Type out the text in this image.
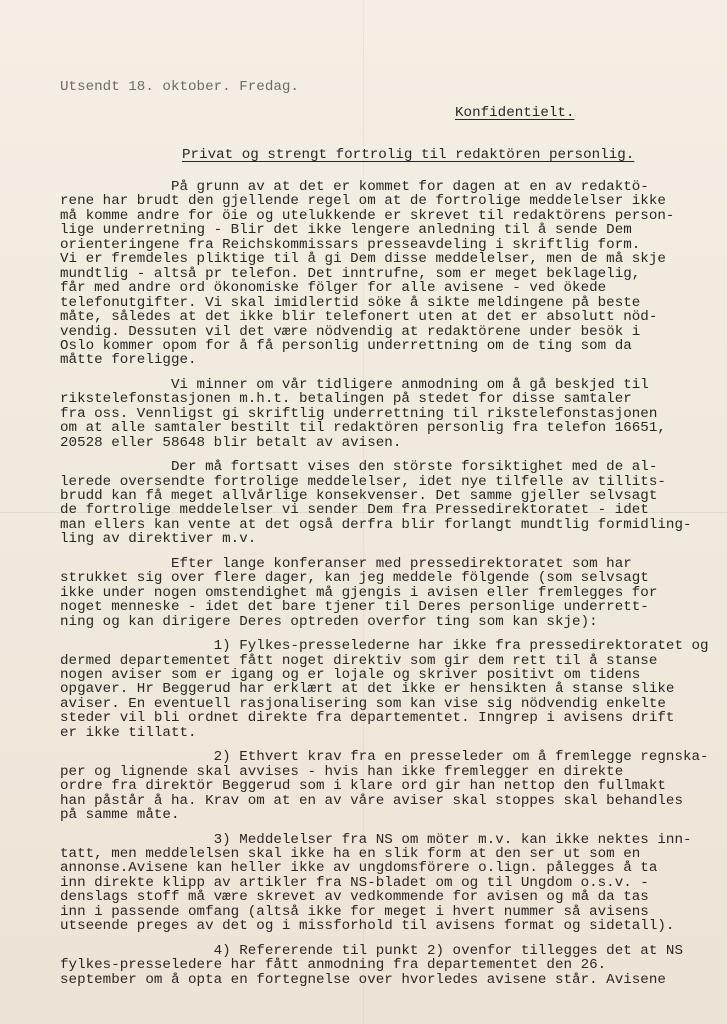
Utsendt 18. oktober. Fredag.
Konfidentielt.
Privat og strengt fortrolig til redaktören personlig.
På grunn av at det er kommet for dagen at en av redaktö-
rene har brudt den gjellende regel om at de fortrolige meddelelser ikke
må komme andre for öie og utelukkende er skrevet til redaktörens person-
lige underretning - Blir det ikke lengere anledning til å sende Dem
orienteringene fra Reichskommissars presseavdeling i skriftlig form.
Vi er fremdeles pliktige til å gi Dem disse meddelelser, men de må skje
mundtlig - altså pr telefon. Det inntrufne, som er meget beklagelig,
får med andre ord ökonomiske fölger for alle avisene - ved ökede
telefonutgifter. Vi skal imidlertid söke å sikte meldingene på beste
måte, således at det ikke blir telefonert uten at det er absolutt nöd-
vendig. Dessuten vil det være nödvendig at redaktörene under besök i
Oslo kommer opom for å få personlig underrettning om de ting som da
måtte foreligge.
Vi minner om vår tidligere anmodning om å gå beskjed til
rikstelefonstasjonen m.h.t. betalingen på stedet for disse samtaler
fra oss. Vennligst gi skriftlig underrettning til rikstelefonstasjonen
om at alle samtaler bestilt til redaktören personlig fra telefon 16651,
20528 eller 58648 blir betalt av avisen.
Der må fortsatt vises den störste forsiktighet med de al-
lerede oversendte fortrolige meddelelser, idet nye tilfelle av tillits-
brudd kan få meget allvårlige konsekvenser. Det samme gjeller selvsagt
de fortrolige meddelelser vi sender Dem fra Pressedirektoratet - idet
man ellers kan vente at det også derfra blir forlangt mundtlig formidling-
ling av direktiver m.v.
Efter lange konferanser med pressedirektoratet som har
strukket sig over flere dager, kan jeg meddele fölgende (som selvsagt
ikke under nogen omstendighet må gjengis i avisen eller fremlegges for
noget menneske - idet det bare tjener til Deres personlige underrett-
ning og kan dirigere Deres optreden overfor ting som kan skje):
1) Fylkes-presselederne har ikke fra pressedirektoratet og
dermed departementet fått noget direktiv som gir dem rett til å stanse
nogen aviser som er igang og er lojale og skriver positivt om tidens
opgaver. Hr Beggerud har erklært at det ikke er hensikten å stanse slike
aviser. En eventuell rasjonalisering som kan vise sig nödvendig enkelte
steder vil bli ordnet direkte fra departementet. Inngrep i avisens drift
er ikke tillatt.
2) Ethvert krav fra en presseleder om å fremlegge regnska-
per og lignende skal avvises - hvis han ikke fremlegger en direkte
ordre fra direktör Beggerud som i klare ord gir han nettop den fullmakt
han påstår å ha. Krav om at en av våre aviser skal stoppes skal behandles
på samme måte.
3) Meddelelser fra NS om möter m.v. kan ikke nektes inn-
tatt, men meddelelsen skal ikke ha en slik form at den ser ut som en
annonse.Avisene kan heller ikke av ungdomsförere o.lign. pålegges å ta
inn direkte klipp av artikler fra NS-bladet om og til Ungdom o.s.v. -
denslags stoff må være skrevet av vedkommende for avisen og må da tas
inn i passende omfang (altså ikke for meget i hvert nummer så avisens
utseende preges av det og i missforhold til avisens format og sidetall).
4) Refererende til punkt 2) ovenfor tillegges det at NS
fylkes-presseledere har fått anmodning fra departementet den 26.
september om å opta en fortegnelse over hvorledes avisene står. Avisene
